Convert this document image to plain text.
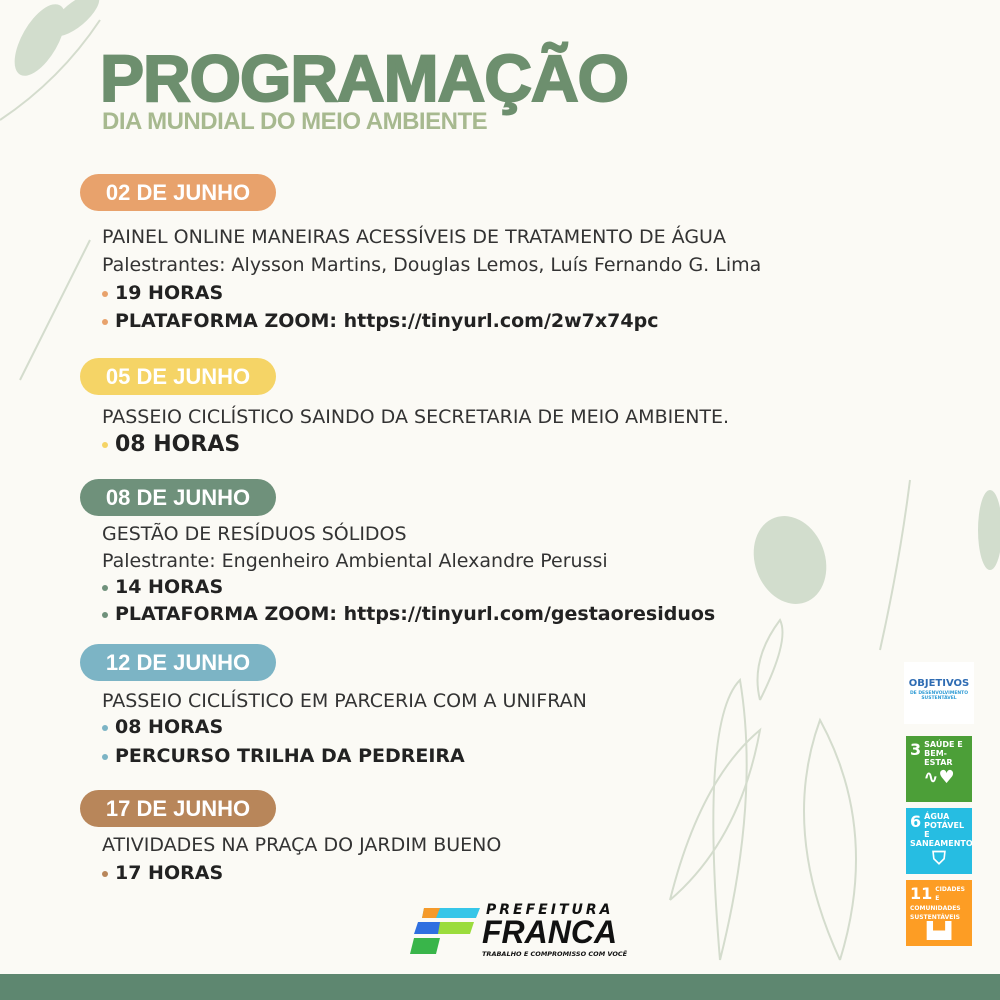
PROGRAMAÇÃO
DIA MUNDIAL DO MEIO AMBIENTE
02 DE JUNHO
PAINEL ONLINE MANEIRAS ACESSÍVEIS DE TRATAMENTO DE ÁGUA
Palestrantes: Alysson Martins, Douglas Lemos, Luís Fernando G. Lima
19 HORAS
PLATAFORMA ZOOM: https://tinyurl.com/2w7x74pc
05 DE JUNHO
PASSEIO CICLÍSTICO SAINDO DA SECRETARIA DE MEIO AMBIENTE.
08 HORAS
08 DE JUNHO
GESTÃO DE RESÍDUOS SÓLIDOS
Palestrante: Engenheiro Ambiental Alexandre Perussi
14 HORAS
PLATAFORMA ZOOM: https://tinyurl.com/gestaoresiduos
12 DE JUNHO
PASSEIO CICLÍSTICO EM PARCERIA COM A UNIFRAN
08 HORAS
PERCURSO TRILHA DA PEDREIRA
17 DE JUNHO
ATIVIDADES NA PRAÇA DO JARDIM BUENO
17 HORAS
OBJETIVOS
DE DESENVOLVIMENTO SUSTENTÁVEL
3 SAÚDE E BEM-ESTAR
∿♥
6 ÁGUA POTÁVEL E SANEAMENTO
⛉
11 CIDADES E COMUNIDADES SUSTENTÁVEIS
▙▟
PREFEITURA
FRANCA
TRABALHO E COMPROMISSO COM VOCÊ
